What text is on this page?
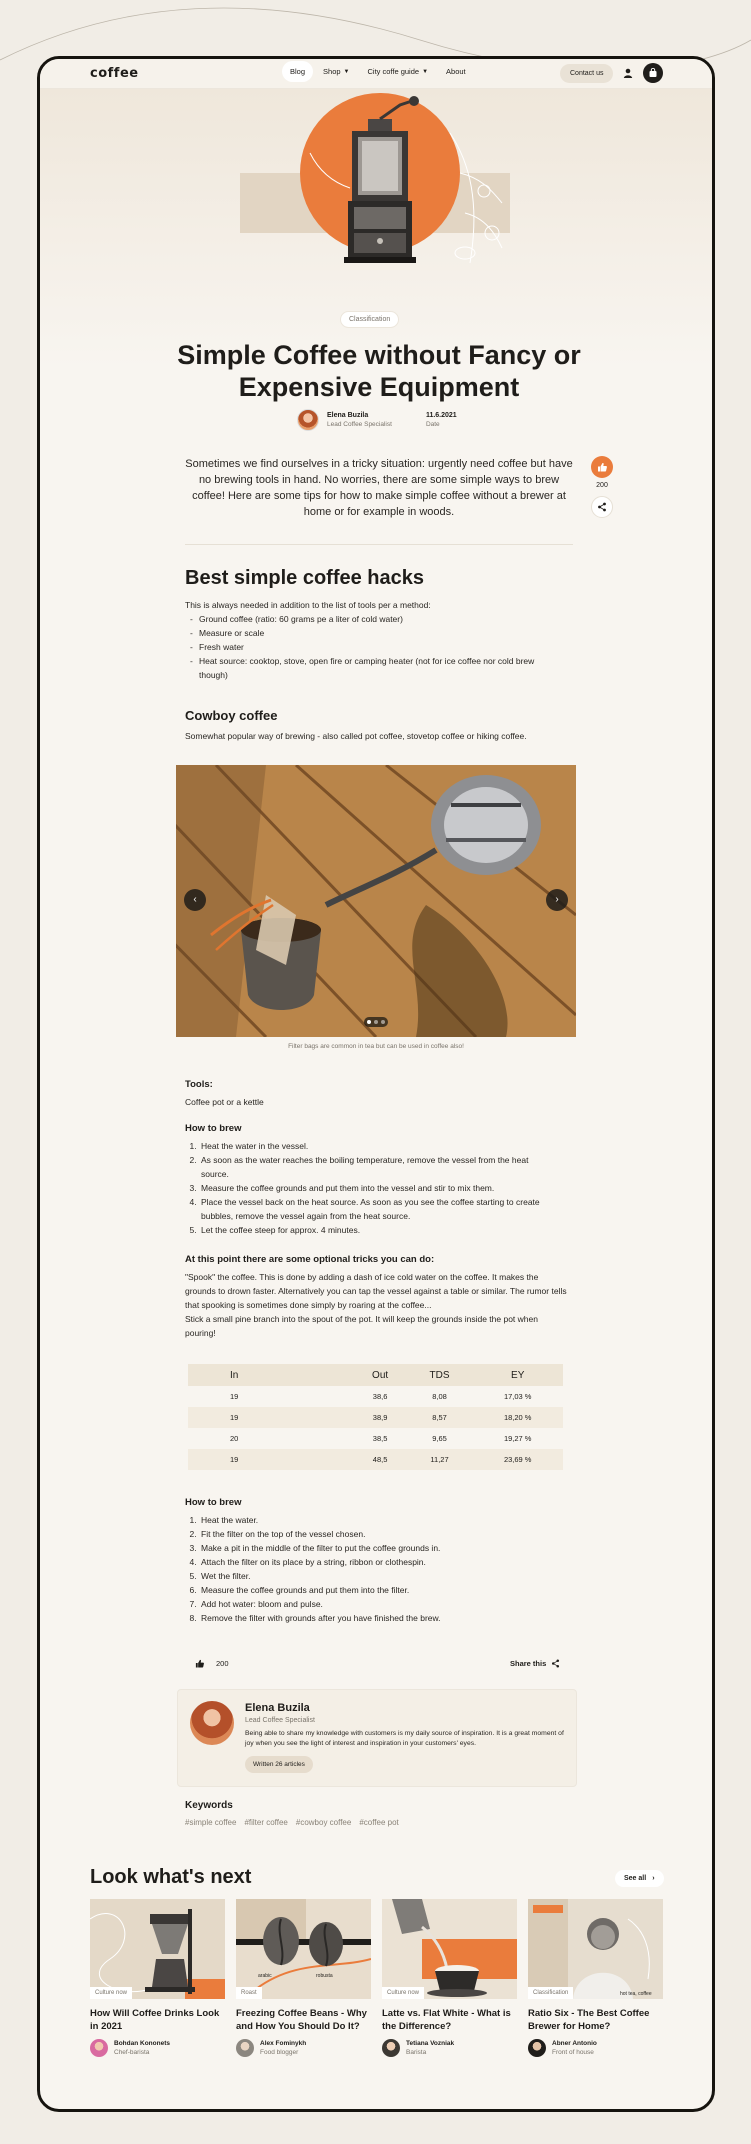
coffee	Blog Shop ▼ City coffe guide ▼ About	Contact us
Classification
Simple Coffee without Fancy or Expensive Equipment
Elena Buzila
Lead Coffee Specialist
11.6.2021
Date

Sometimes we find ourselves in a tricky situation: urgently need coffee but have no brewing tools in hand. No worries, there are some simple ways to brew coffee! Here are some tips for how to make simple coffee without a brewer at home or for example in woods.

200
Best simple coffee hacks

This is always needed in addition to the list of tools per a method:

- Ground coffee (ratio: 60 grams pe a liter of cold water)
- Measure or scale
- Fresh water
- Heat source: cooktop, stove, open fire or camping heater (not for ice coffee nor cold brew though)
Cowboy coffee

Somewhat popular way of brewing - also called pot coffee, stovetop coffee or hiking coffee.

‹	›
Filter bags are common in tea but can be used in coffee also!
Tools:

Coffee pot or a kettle

How to brew
1. Heat the water in the vessel.
2. As soon as the water reaches the boiling temperature, remove the vessel from the heat source.
3. Measure the coffee grounds and put them into the vessel and stir to mix them.
4. Place the vessel back on the heat source. As soon as you see the coffee starting to create bubbles, remove the vessel again from the heat source.
5. Let the coffee steep for approx. 4 minutes.
At this point there are some optional tricks you can do:

"Spook" the coffee. This is done by adding a dash of ice cold water on the coffee. It makes the grounds to drown faster. Alternatively you can tap the vessel against a table or similar. The rumor tells that spooking is sometimes done simply by roaring at the coffee...

Stick a small pine branch into the spout of the pot. It will keep the grounds inside the pot when pouring!

In	Out	TDS	EY
19	38,6	8,08	17,03 %
19	38,9	8,57	18,20 %
20	38,5	9,65	19,27 %
19	48,5	11,27	23,69 %
How to brew
1. Heat the water.
2. Fit the filter on the top of the vessel chosen.
3. Make a pit in the middle of the filter to put the coffee grounds in.
4. Attach the filter on its place by a string, ribbon or clothespin.
5. Wet the filter.
6. Measure the coffee grounds and put them into the filter.
7. Add hot water: bloom and pulse.
8. Remove the filter with grounds after you have finished the brew.
200	Share this
Elena Buzila
Lead Coffee Specialist
Being able to share my knowledge with customers is my daily source of inspiration. It is a great moment of joy when you see the light of interest and inspiration in your customers' eyes.
Written 26 articles
Keywords
#simple coffee #filter coffee #cowboy coffee #coffee pot
Look what's next	See all ›
Culture now
How Will Coffee Drinks Look in 2021
Bohdan Kononets
Chef-barista
arabic	robusta
Roast
Freezing Coffee Beans - Why and How You Should Do It?
Alex Fominykh
Food blogger
Culture now
Latte vs. Flat White - What is the Difference?
Tetiana Vozniak
Barista
hot tea, coffee
Classification
Ratio Six - The Best Coffee Brewer for Home?
Abner Antonio
Front of house
